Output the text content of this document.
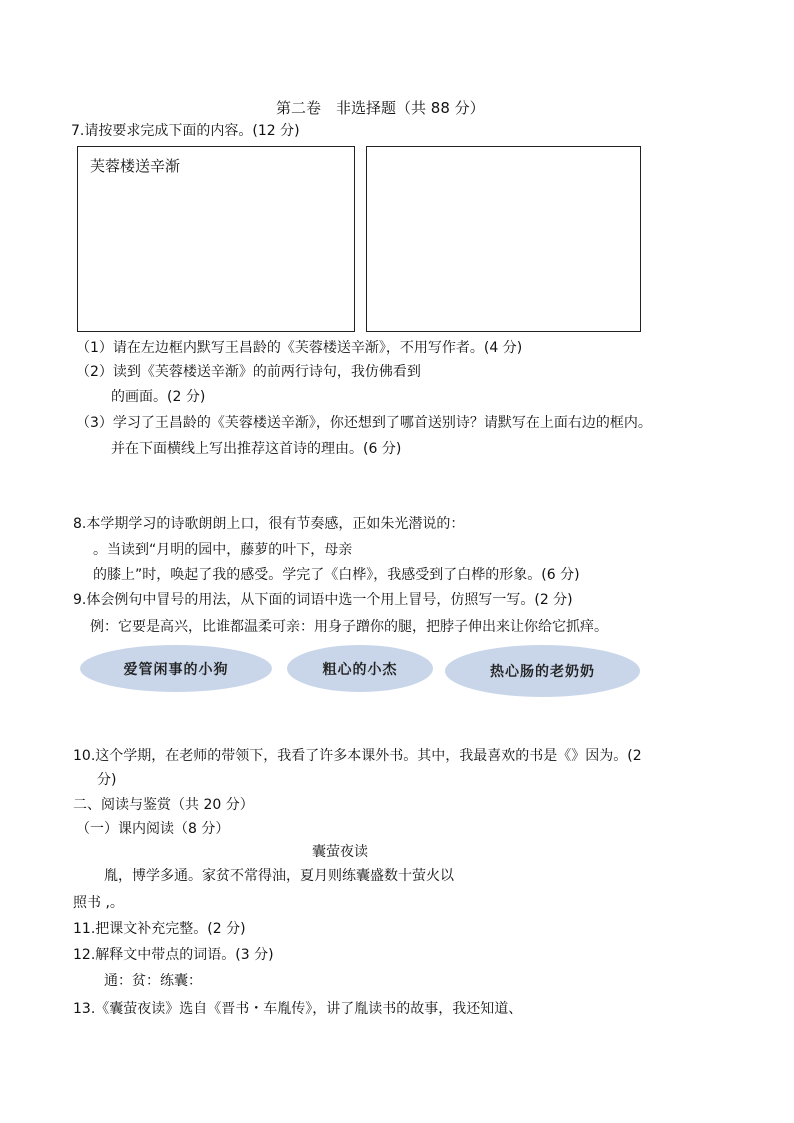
第二卷　非选择题（共 88 分）
7.请按要求完成下面的内容。(12 分)
芙蓉楼送辛渐
（1）请在左边框内默写王昌龄的《芙蓉楼送辛渐》，不用写作者。(4 分)
（2）读到《芙蓉楼送辛渐》的前两行诗句，我仿佛看到
的画面。(2 分)
（3）学习了王昌龄的《芙蓉楼送辛渐》，你还想到了哪首送别诗？请默写在上面右边的框内。
并在下面横线上写出推荐这首诗的理由。(6 分)
8.本学期学习的诗歌朗朗上口，很有节奏感，正如朱光潜说的：
。当读到“月明的园中，藤萝的叶下，母亲
的膝上”时，唤起了我的感受。学完了《白桦》，我感受到了白桦的形象。(6 分)
9.体会例句中冒号的用法，从下面的词语中选一个用上冒号，仿照写一写。(2 分)
例：它要是高兴，比谁都温柔可亲：用身子蹭你的腿，把脖子伸出来让你给它抓痒。
爱管闲事的小狗	粗心的小杰	热心肠的老奶奶
10.这个学期，在老师的带领下，我看了许多本课外书。其中，我最喜欢的书是《》因为。(2
分)
二、阅读与鉴赏（共 20 分）
（一）课内阅读（8 分）
囊萤夜读
胤，博学多通。家贫不常得油，夏月则练囊盛数十萤火以
照书 ,。
11.把课文补充完整。(2 分)
12.解释文中带点的词语。(3 分)
通：贫：练囊：
13.《囊萤夜读》选自《晋书・车胤传》，讲了胤读书的故事，我还知道、
